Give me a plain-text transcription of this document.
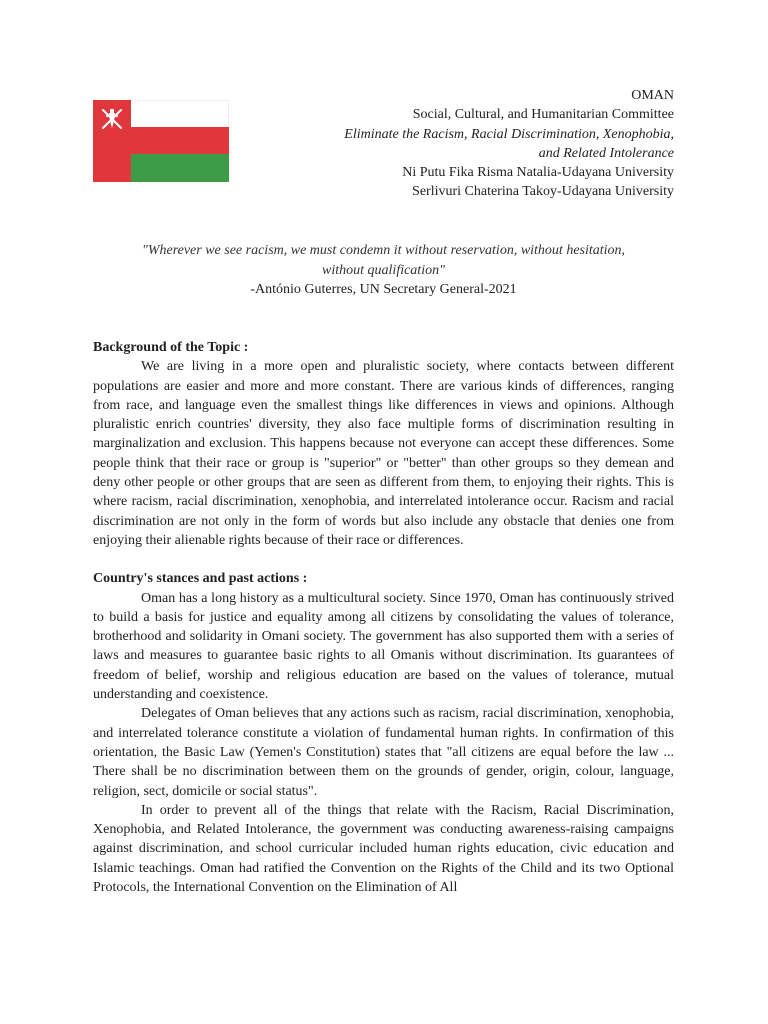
OMAN
Social, Cultural, and Humanitarian Committee
Eliminate the Racism, Racial Discrimination, Xenophobia,
and Related Intolerance
Ni Putu Fika Risma Natalia-Udayana University
Serlivuri Chaterina Takoy-Udayana University
"Wherever we see racism, we must condemn it without reservation, without hesitation,
without qualification"
-António Guterres, UN Secretary General-2021

Background of the Topic :

We are living in a more open and pluralistic society, where contacts between different populations are easier and more and more constant. There are various kinds of differences, ranging from race, and language even the smallest things like differences in views and opinions. Although pluralistic enrich countries' diversity, they also face multiple forms of discrimination resulting in marginalization and exclusion. This happens because not everyone can accept these differences. Some people think that their race or group is "superior" or "better" than other groups so they demean and deny other people or other groups that are seen as different from them, to enjoying their rights. This is where racism, racial discrimination, xenophobia, and interrelated intolerance occur. Racism and racial discrimination are not only in the form of words but also include any obstacle that denies one from enjoying their alienable rights because of their race or differences.

Country's stances and past actions :

Oman has a long history as a multicultural society. Since 1970, Oman has continuously strived to build a basis for justice and equality among all citizens by consolidating the values of tolerance, brotherhood and solidarity in Omani society. The government has also supported them with a series of laws and measures to guarantee basic rights to all Omanis without discrimination. Its guarantees of freedom of belief, worship and religious education are based on the values of tolerance, mutual understanding and coexistence.

Delegates of Oman believes that any actions such as racism, racial discrimination, xenophobia, and interrelated tolerance constitute a violation of fundamental human rights. In confirmation of this orientation, the Basic Law (Yemen's Constitution) states that "all citizens are equal before the law ... There shall be no discrimination between them on the grounds of gender, origin, colour, language, religion, sect, domicile or social status".

In order to prevent all of the things that relate with the Racism, Racial Discrimination, Xenophobia, and Related Intolerance, the government was conducting awareness-raising campaigns against discrimination, and school curricular included human rights education, civic education and Islamic teachings. Oman had ratified the Convention on the Rights of the Child and its two Optional Protocols, the International Convention on the Elimination of All
